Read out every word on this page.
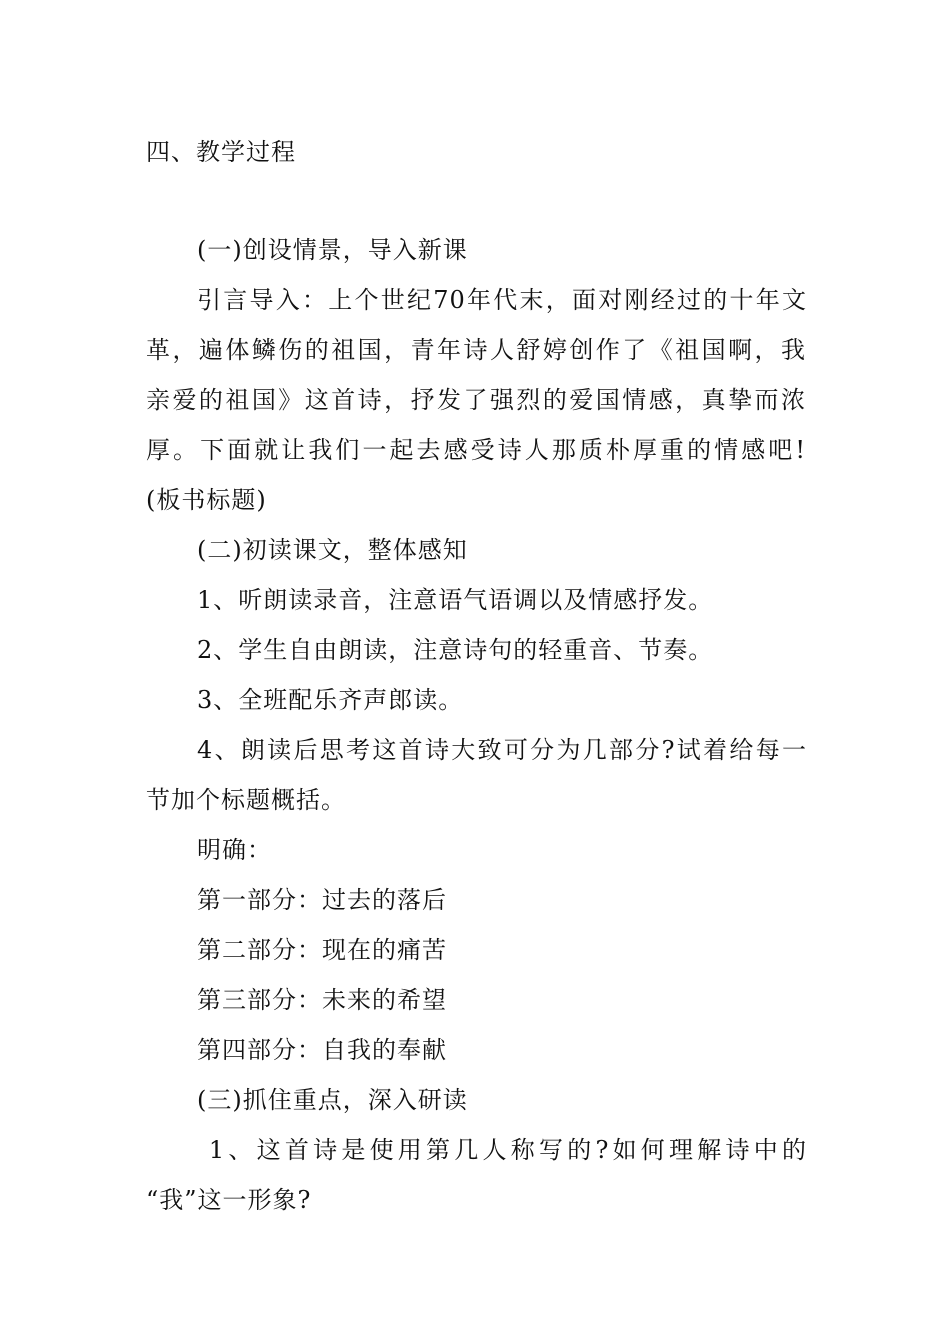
四、教学过程
(一)创设情景，导入新课
引言导入：上个世纪70年代末，面对刚经过的十年文
革，遍体鳞伤的祖国，青年诗人舒婷创作了《祖国啊，我
亲爱的祖国》这首诗，抒发了强烈的爱国情感，真挚而浓
厚。下面就让我们一起去感受诗人那质朴厚重的情感吧!
(板书标题)
(二)初读课文，整体感知
1、听朗读录音，注意语气语调以及情感抒发。
2、学生自由朗读，注意诗句的轻重音、节奏。
3、全班配乐齐声郎读。
4、朗读后思考这首诗大致可分为几部分?试着给每一
节加个标题概括。
明确：
第一部分：过去的落后
第二部分：现在的痛苦
第三部分：未来的希望
第四部分：自我的奉献
(三)抓住重点，深入研读
1、这首诗是使用第几人称写的?如何理解诗中的
“我”这一形象?
